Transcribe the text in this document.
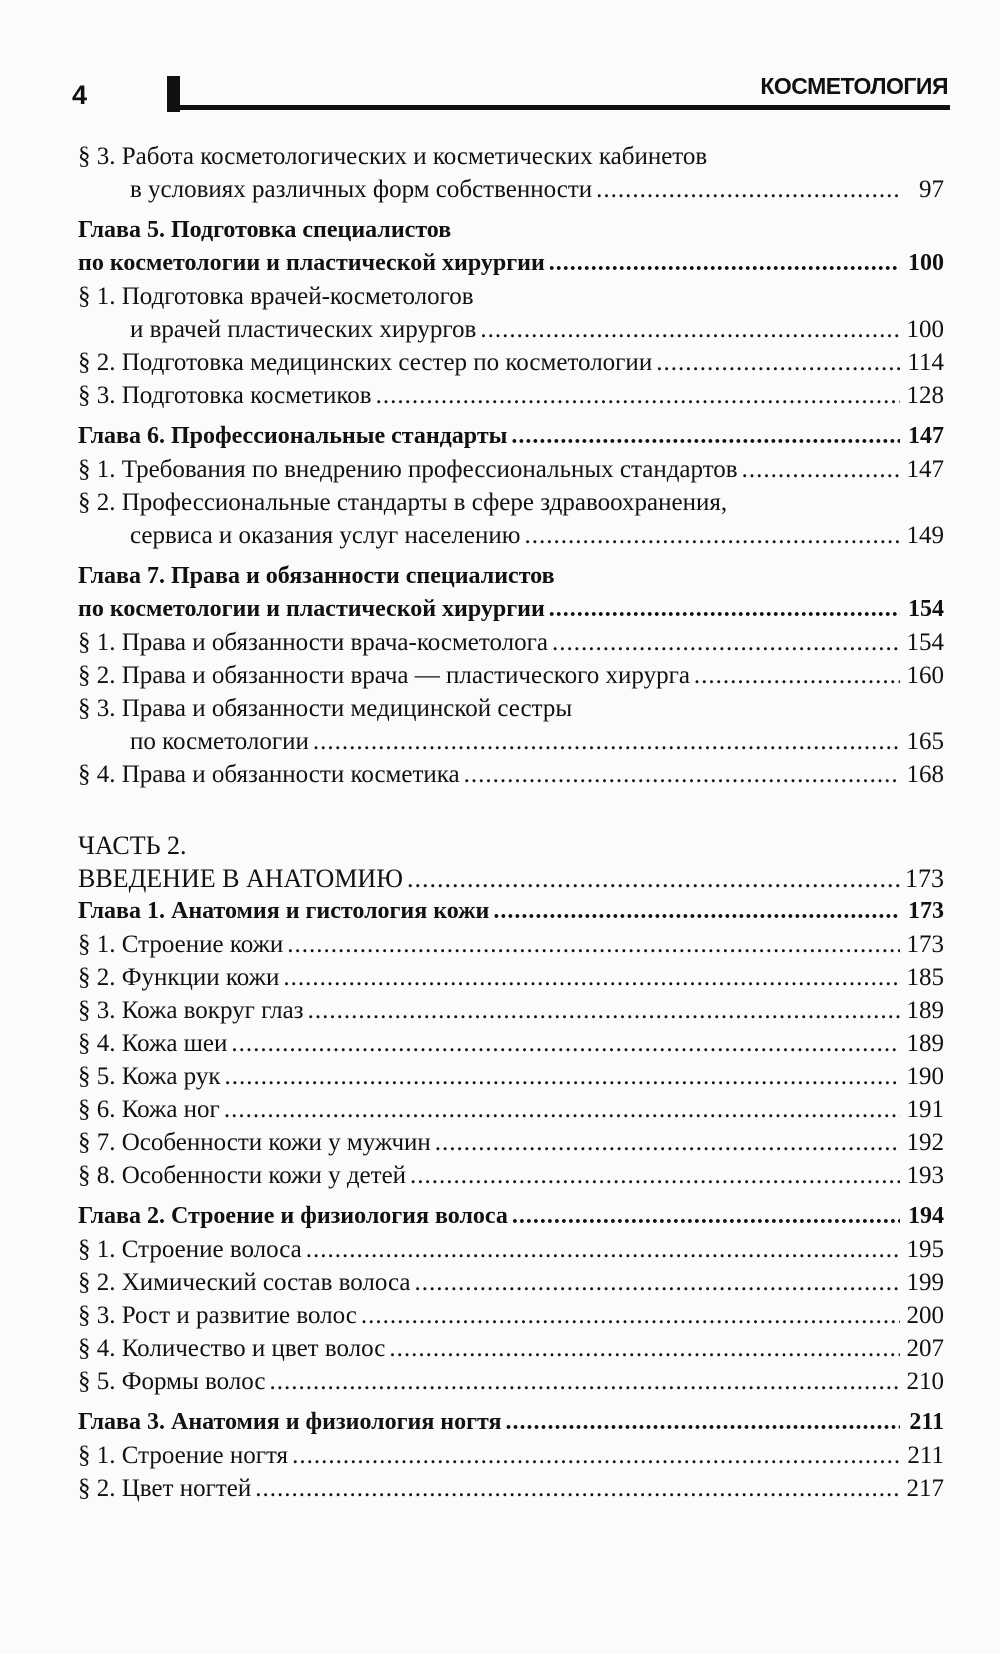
4	КОСМЕТОЛОГИЯ
§ 3. Работа косметологических и косметических кабинетов
в условиях различных форм собственности .....	97
Глава 5. Подготовка специалистов
по косметологии и пластической хирургии .....	100
§ 1. Подготовка врачей-косметологов
и врачей пластических хирургов .....	100
§ 2. Подготовка медицинских сестер по косметологии .....	114
§ 3. Подготовка косметиков .....	128
Глава 6. Профессиональные стандарты .....	147
§ 1. Требования по внедрению профессиональных стандартов .....	147
§ 2. Профессиональные стандарты в сфере здравоохранения,
сервиса и оказания услуг населению .....	149
Глава 7. Права и обязанности специалистов
по косметологии и пластической хирургии .....	154
§ 1. Права и обязанности врача-косметолога .....	154
§ 2. Права и обязанности врача — пластического хирурга .....	160
§ 3. Права и обязанности медицинской сестры
по косметологии .....	165
§ 4. Права и обязанности косметика .....	168
ЧАСТЬ 2.
ВВЕДЕНИЕ В АНАТОМИЮ .....	173
Глава 1. Анатомия и гистология кожи .....	173
§ 1. Строение кожи .....	173
§ 2. Функции кожи .....	185
§ 3. Кожа вокруг глаз .....	189
§ 4. Кожа шеи .....	189
§ 5. Кожа рук .....	190
§ 6. Кожа ног .....	191
§ 7. Особенности кожи у мужчин .....	192
§ 8. Особенности кожи у детей .....	193
Глава 2. Строение и физиология волоса .....	194
§ 1. Строение волоса .....	195
§ 2. Химический состав волоса .....	199
§ 3. Рост и развитие волос .....	200
§ 4. Количество и цвет волос .....	207
§ 5. Формы волос .....	210
Глава 3. Анатомия и физиология ногтя .....	211
§ 1. Строение ногтя .....	211
§ 2. Цвет ногтей .....	217
